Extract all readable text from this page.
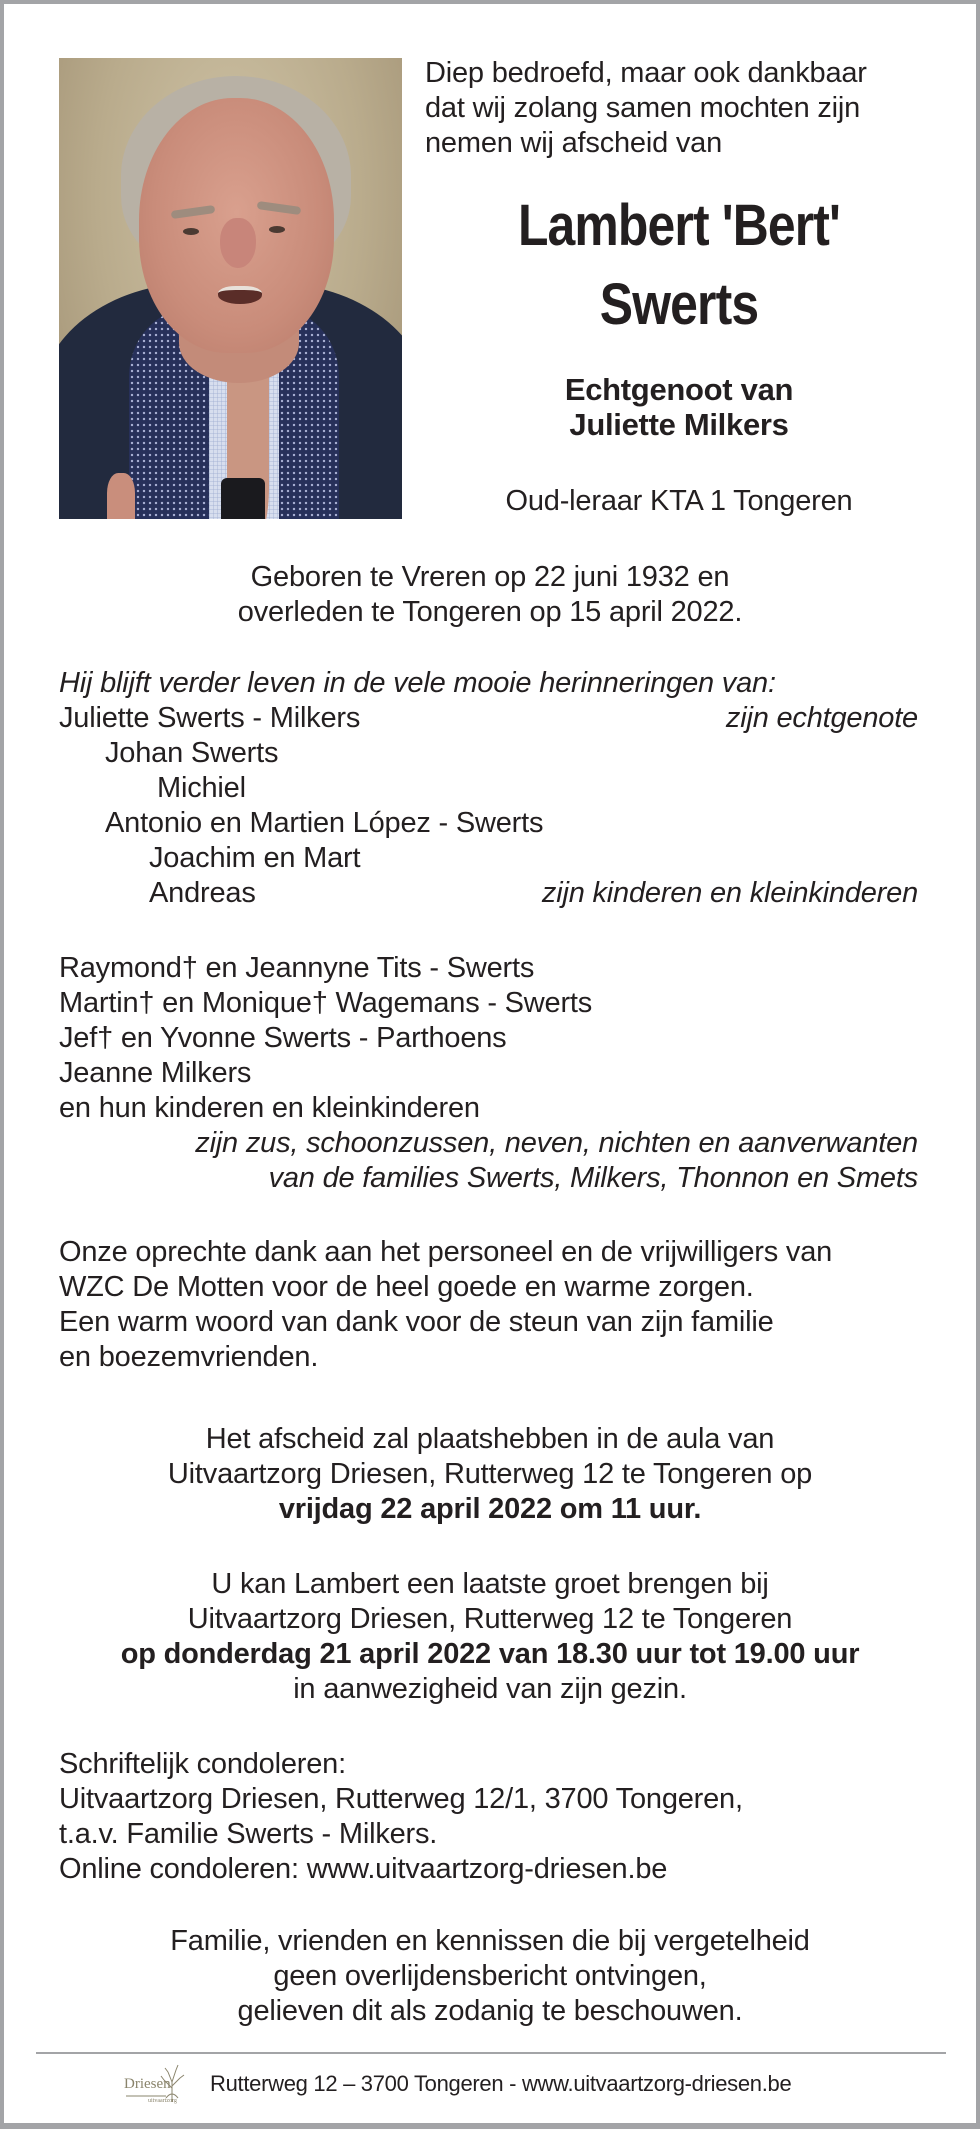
Diep bedroefd, maar ook dankbaar
dat wij zolang samen mochten zijn
nemen wij afscheid van
Lambert 'Bert'
Swerts
Echtgenoot van
Juliette Milkers
Oud-leraar KTA 1 Tongeren
Geboren te Vreren op 22 juni 1932 en
overleden te Tongeren op 15 april 2022.
Hij blijft verder leven in de vele mooie herinneringen van:
Juliette Swerts - Milkers	zijn echtgenote
Johan Swerts
Michiel
Antonio en Martien López - Swerts
Joachim en Mart
Andreas	zijn kinderen en kleinkinderen
Raymond† en Jeannyne Tits - Swerts
Martin† en Monique† Wagemans - Swerts
Jef† en Yvonne Swerts - Parthoens
Jeanne Milkers
en hun kinderen en kleinkinderen
zijn zus, schoonzussen, neven, nichten en aanverwanten
van de families Swerts, Milkers, Thonnon en Smets
Onze oprechte dank aan het personeel en de vrijwilligers van
WZC De Motten voor de heel goede en warme zorgen.
Een warm woord van dank voor de steun van zijn familie
en boezemvrienden.
Het afscheid zal plaatshebben in de aula van
Uitvaartzorg Driesen, Rutterweg 12 te Tongeren op
vrijdag 22 april 2022 om 11 uur.
U kan Lambert een laatste groet brengen bij
Uitvaartzorg Driesen, Rutterweg 12 te Tongeren
op donderdag 21 april 2022 van 18.30 uur tot 19.00 uur
in aanwezigheid van zijn gezin.
Schriftelijk condoleren:
Uitvaartzorg Driesen, Rutterweg 12/1, 3700 Tongeren,
t.a.v. Familie Swerts - Milkers.
Online condoleren: www.uitvaartzorg-driesen.be
Familie, vrienden en kennissen die bij vergetelheid
geen overlijdensbericht ontvingen,
gelieven dit als zodanig te beschouwen.
Driesen
uitvaartzorg
Rutterweg 12 – 3700 Tongeren - www.uitvaartzorg-driesen.be
